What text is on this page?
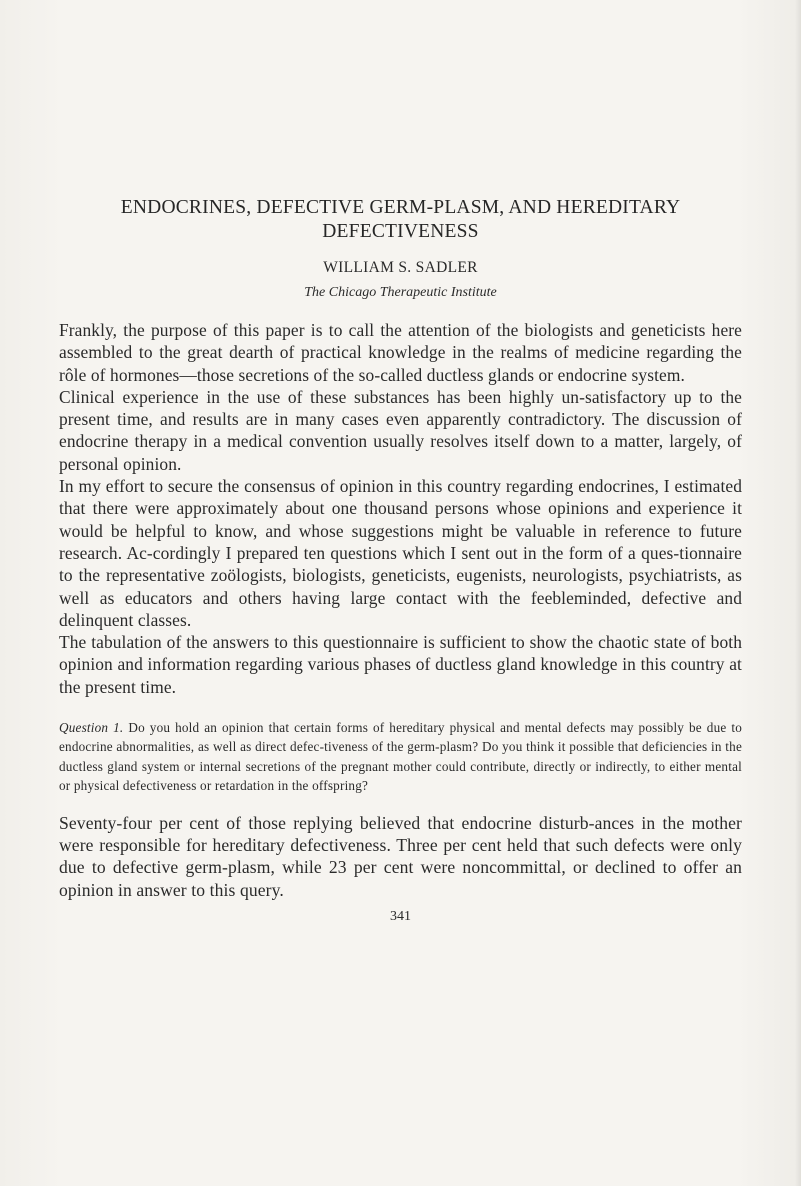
ENDOCRINES, DEFECTIVE GERM-PLASM, AND HEREDITARY DEFECTIVENESS
WILLIAM S. SADLER
The Chicago Therapeutic Institute

Frankly, the purpose of this paper is to call the attention of the biologists and geneticists here assembled to the great dearth of practical knowledge in the realms of medicine regarding the rôle of hormones—those secretions of the so-called ductless glands or endocrine system.

Clinical experience in the use of these substances has been highly un-satisfactory up to the present time, and results are in many cases even apparently contradictory. The discussion of endocrine therapy in a medical convention usually resolves itself down to a matter, largely, of personal opinion.

In my effort to secure the consensus of opinion in this country regarding endocrines, I estimated that there were approximately about one thousand persons whose opinions and experience it would be helpful to know, and whose suggestions might be valuable in reference to future research. Ac-cordingly I prepared ten questions which I sent out in the form of a ques-tionnaire to the representative zoölogists, biologists, geneticists, eugenists, neurologists, psychiatrists, as well as educators and others having large contact with the feebleminded, defective and delinquent classes.

The tabulation of the answers to this questionnaire is sufficient to show the chaotic state of both opinion and information regarding various phases of ductless gland knowledge in this country at the present time.

Question 1. Do you hold an opinion that certain forms of hereditary physical and mental defects may possibly be due to endocrine abnormalities, as well as direct defec-tiveness of the germ-plasm? Do you think it possible that deficiencies in the ductless gland system or internal secretions of the pregnant mother could contribute, directly or indirectly, to either mental or physical defectiveness or retardation in the offspring?

Seventy-four per cent of those replying believed that endocrine disturb-ances in the mother were responsible for hereditary defectiveness. Three per cent held that such defects were only due to defective germ-plasm, while 23 per cent were noncommittal, or declined to offer an opinion in answer to this query.

341
